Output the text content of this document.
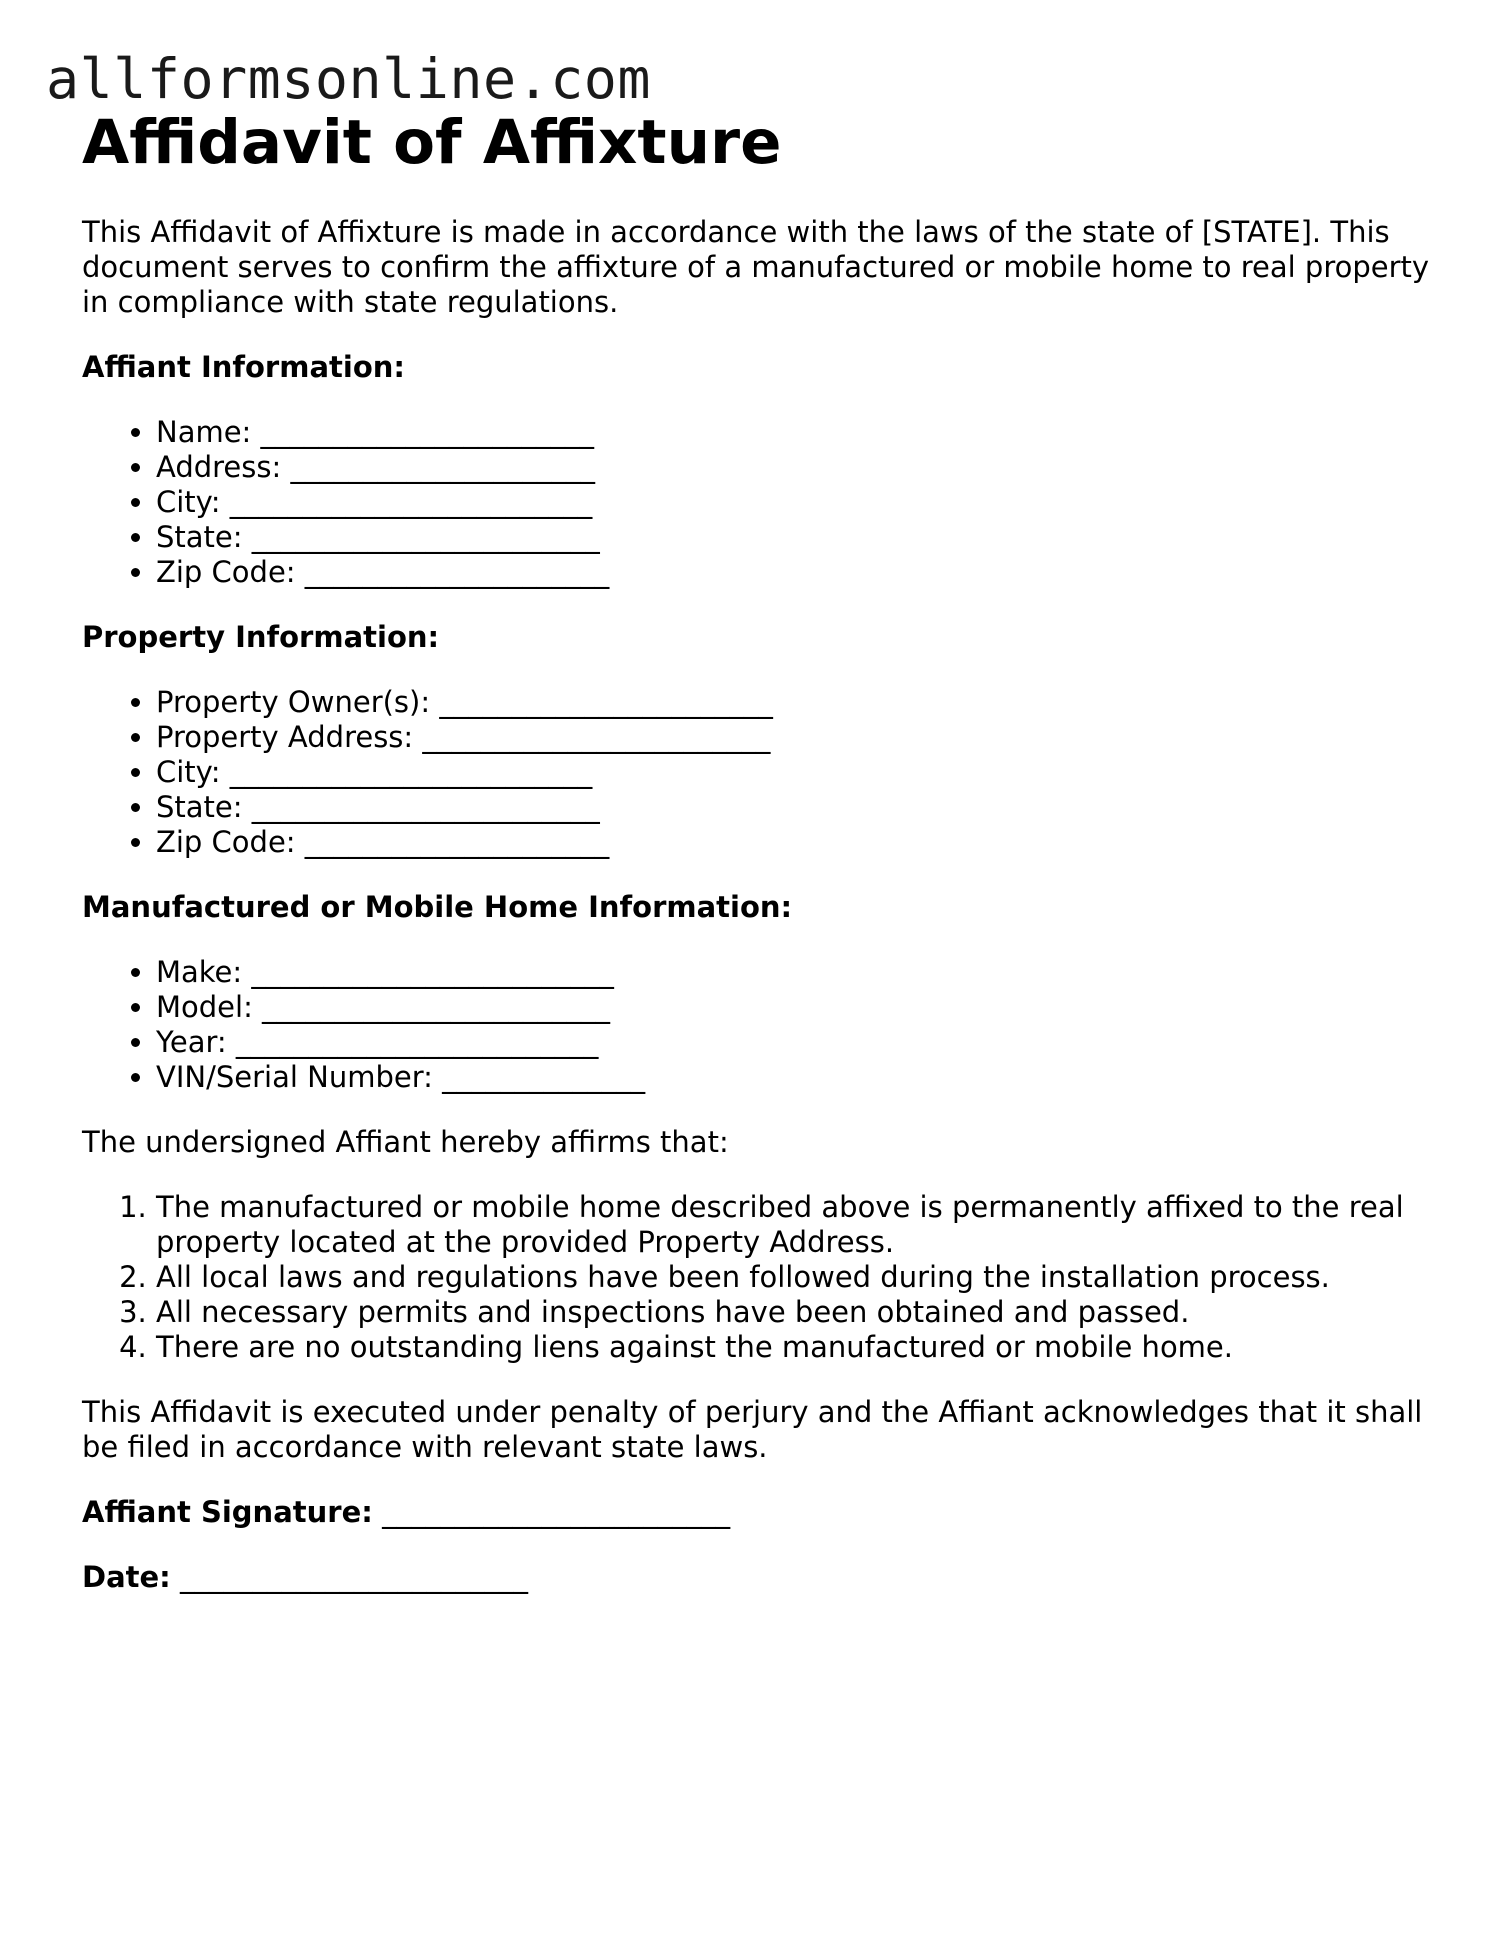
allformsonline.com

Affidavit of Affixture

This Affidavit of Affixture is made in accordance with the laws of the state of [STATE]. This document serves to confirm the affixture of a manufactured or mobile home to real property in compliance with state regulations.

Affiant Information:

• Name: _______________________
• Address: _____________________
• City: _________________________
• State: ________________________
• Zip Code: _____________________

Property Information:

• Property Owner(s): _______________________
• Property Address: ________________________
• City: _________________________
• State: ________________________
• Zip Code: _____________________

Manufactured or Mobile Home Information:

• Make: _________________________
• Model: ________________________
• Year: _________________________
• VIN/Serial Number: ______________

The undersigned Affiant hereby affirms that:

1. The manufactured or mobile home described above is permanently affixed to the real property located at the provided Property Address.
2. All local laws and regulations have been followed during the installation process.
3. All necessary permits and inspections have been obtained and passed.
4. There are no outstanding liens against the manufactured or mobile home.

This Affidavit is executed under penalty of perjury and the Affiant acknowledges that it shall be filed in accordance with relevant state laws.

Affiant Signature: ________________________

Date: ________________________
